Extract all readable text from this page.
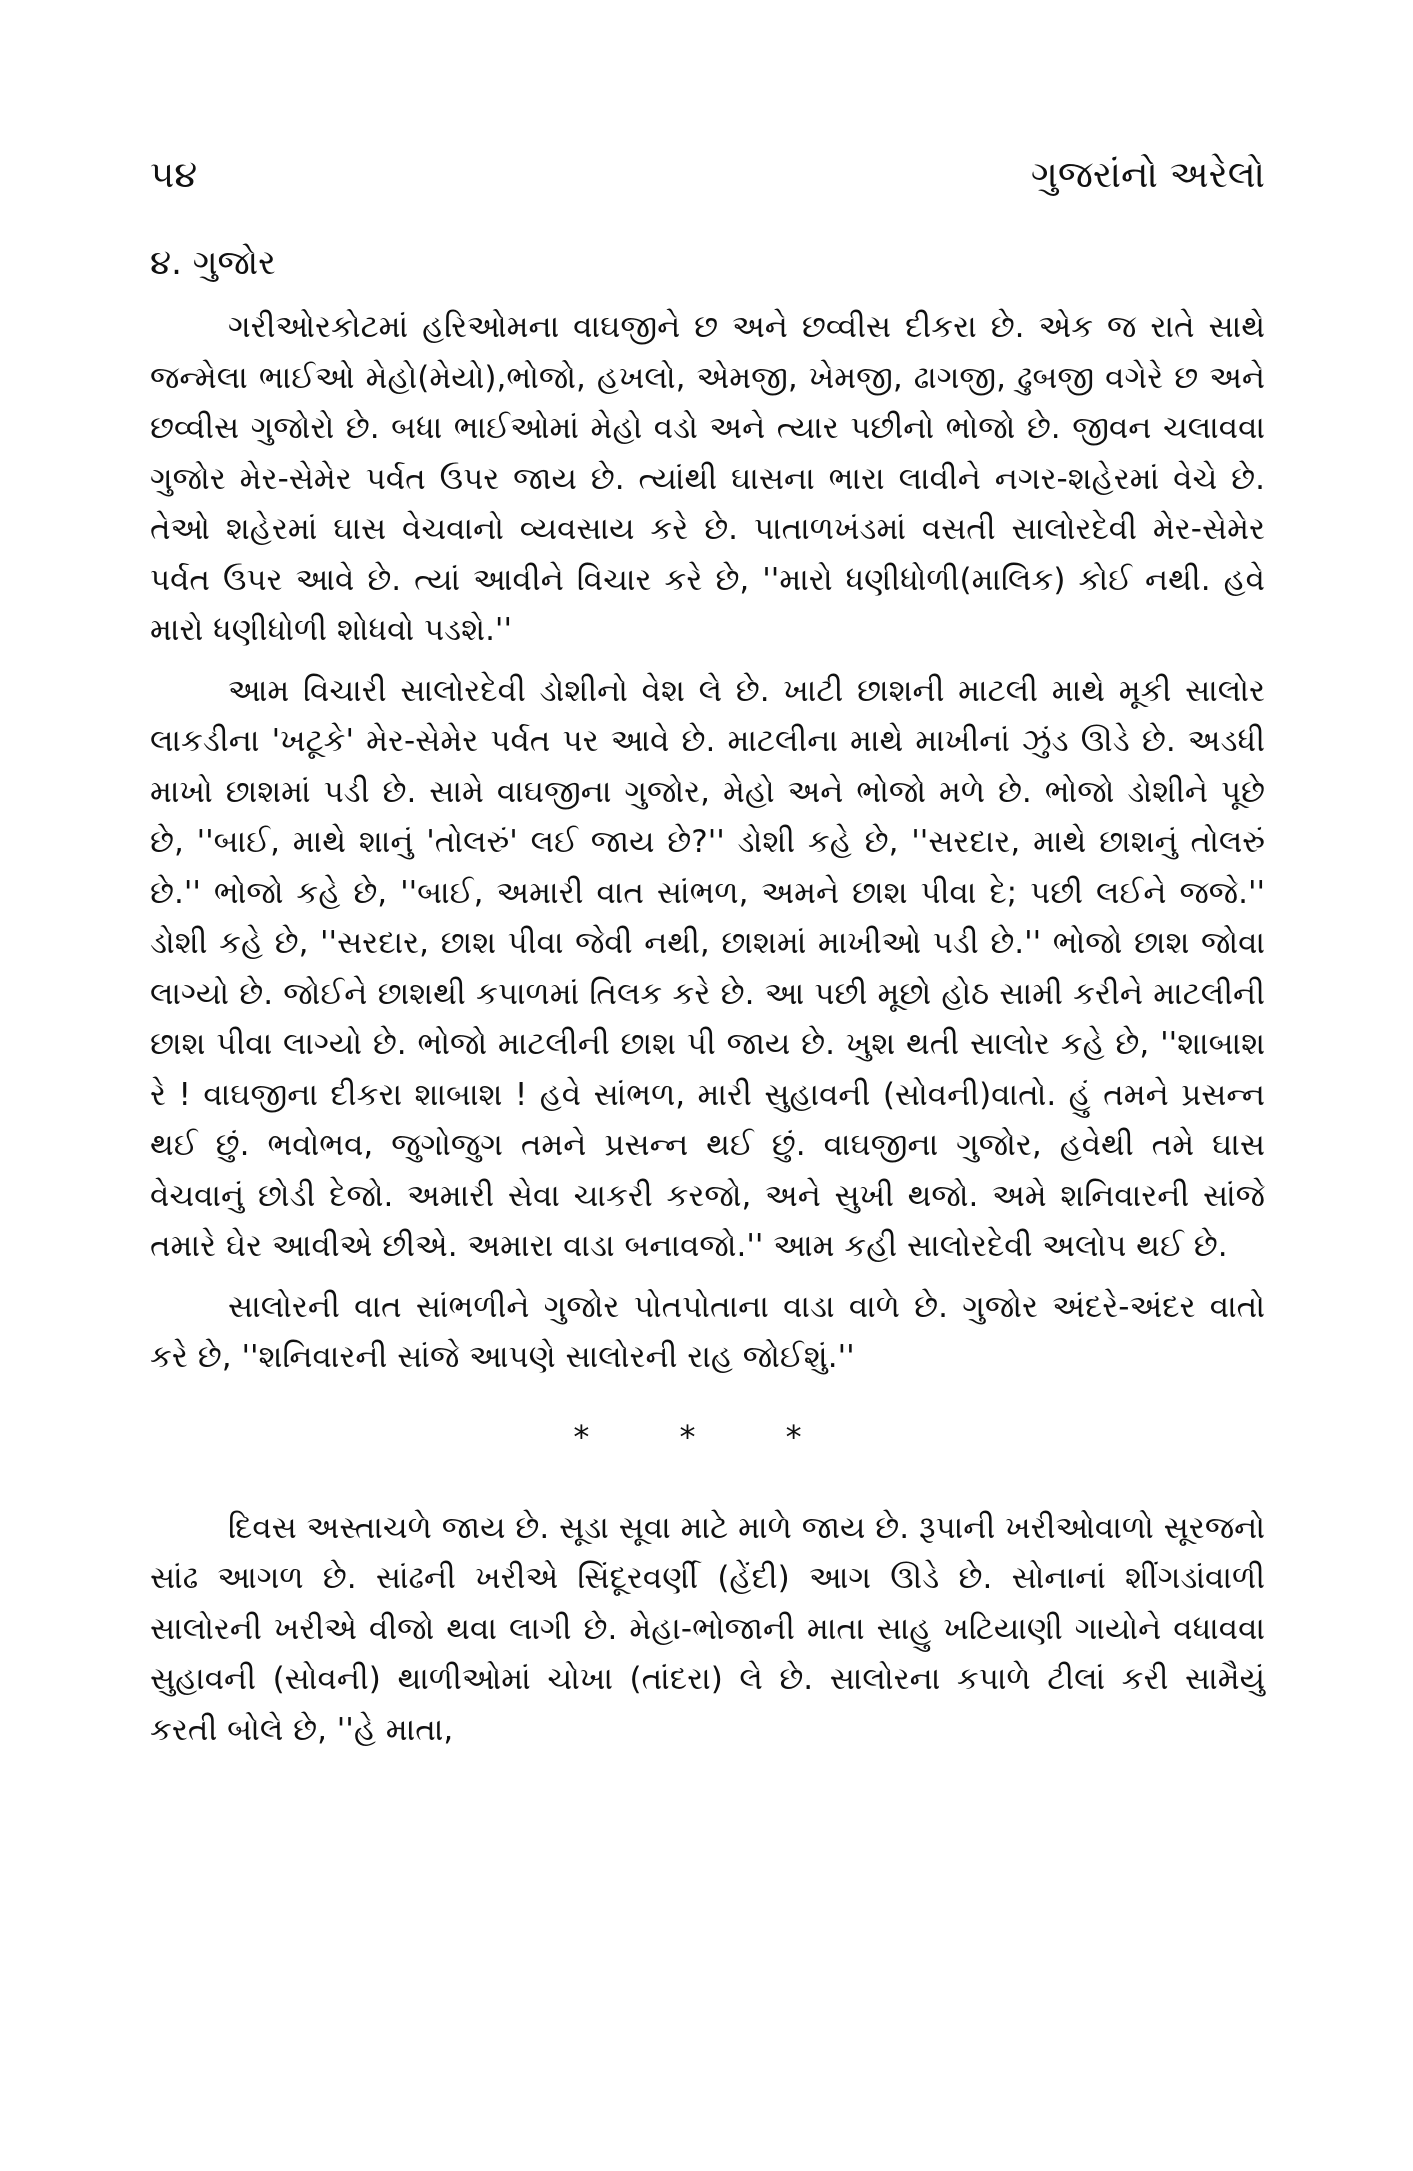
૫૪	ગુજરાંનો અરેલો
૪. ગુજોર

ગરીઓરકોટમાં હરિઓમના વાઘજીને છ અને છવ્વીસ દીકરા છે. એક જ રાતે સાથે જન્મેલા ભાઈઓ મેહો(મેયો),ભોજો, હખલો, એમજી, ખેમજી, ઢાગજી, ઢુબજી વગેરે છ અને છવ્વીસ ગુજોરો છે. બધા ભાઈઓમાં મેહો વડો અને ત્યાર પછીનો ભોજો છે. જીવન ચલાવવા ગુજોર મેર-સેમેર પર્વત ઉપર જાય છે. ત્યાંથી ઘાસના ભારા લાવીને નગર-શહેરમાં વેચે છે. તેઓ શહેરમાં ઘાસ વેચવાનો વ્યવસાય કરે છે. પાતાળખંડમાં વસતી સાલોરદેવી મેર-સેમેર પર્વત ઉપર આવે છે. ત્યાં આવીને વિચાર કરે છે, ''મારો ધણીધોળી(માલિક) કોઈ નથી. હવે મારો ધણીધોળી શોધવો પડશે.''

આમ વિચારી સાલોરદેવી ડોશીનો વેશ લે છે. ખાટી છાશની માટલી માથે મૂકી સાલોર લાકડીના 'ખટૂકે' મેર-સેમેર પર્વત પર આવે છે. માટલીના માથે માખીનાં ઝુંડ ઊડે છે. અડધી માખો છાશમાં પડી છે. સામે વાઘજીના ગુજોર, મેહો અને ભોજો મળે છે. ભોજો ડોશીને પૂછે છે, ''બાઈ, માથે શાનું 'તોલરું' લઈ જાય છે?'' ડોશી કહે છે, ''સરદાર, માથે છાશનું તોલરું છે.'' ભોજો કહે છે, ''બાઈ, અમારી વાત સાંભળ, અમને છાશ પીવા દે; પછી લઈને જજે.'' ડોશી કહે છે, ''સરદાર, છાશ પીવા જેવી નથી, છાશમાં માખીઓ પડી છે.'' ભોજો છાશ જોવા લાગ્યો છે. જોઈને છાશથી કપાળમાં તિલક કરે છે. આ પછી મૂછો હોઠ સામી કરીને માટલીની છાશ પીવા લાગ્યો છે. ભોજો માટલીની છાશ પી જાય છે. ખુશ થતી સાલોર કહે છે, ''શાબાશ રે ! વાઘજીના દીકરા શાબાશ ! હવે સાંભળ, મારી સુહાવની (સોવની)વાતો. હું તમને પ્રસન્ન થઈ છું. ભવોભવ, જુગોજુગ તમને પ્રસન્ન થઈ છું. વાઘજીના ગુજોર, હવેથી તમે ઘાસ વેચવાનું છોડી દેજો. અમારી સેવા ચાકરી કરજો, અને સુખી થજો. અમે શનિવારની સાંજે તમારે ઘેર આવીએ છીએ. અમારા વાડા બનાવજો.'' આમ કહી સાલોરદેવી અલોપ થઈ છે.

સાલોરની વાત સાંભળીને ગુજોર પોતપોતાના વાડા વાળે છે. ગુજોર અંદરે-અંદર વાતો કરે છે, ''શનિવારની સાંજે આપણે સાલોરની રાહ જોઈશું.''

* * *

દિવસ અસ્તાચળે જાય છે. સૂડા સૂવા માટે માળે જાય છે. રૂપાની ખરીઓવાળો સૂરજનો સાંઢ આગળ છે. સાંઢની ખરીએ સિંદૂરવર્ણી (હેંદી) આગ ઊડે છે. સોનાનાં શીંગડાંવાળી સાલોરની ખરીએ વીજો થવા લાગી છે. મેહા-ભોજાની માતા સાહુ ખટિયાણી ગાયોને વધાવવા સુહાવની (સોવની) થાળીઓમાં ચોખા (તાંદરા) લે છે. સાલોરના કપાળે ટીલાં કરી સામૈયું કરતી બોલે છે, ''હે માતા,
